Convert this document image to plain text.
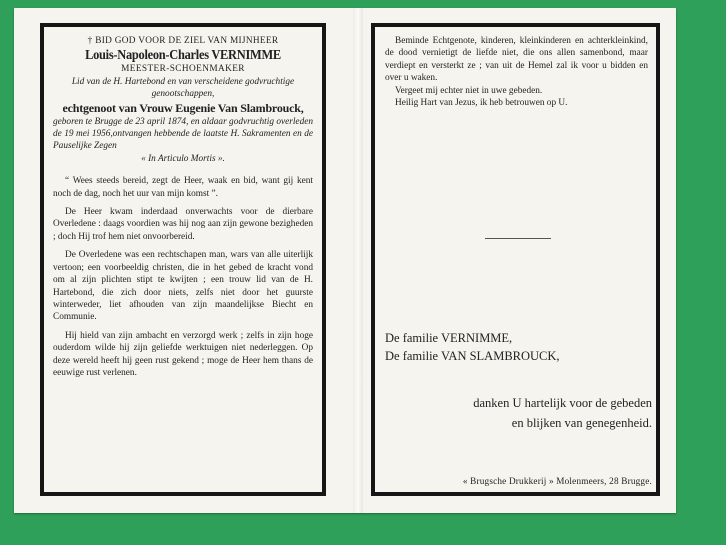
† BID GOD VOOR DE ZIEL VAN MIJNHEER

Louis-Napoleon-Charles VERNIMME

MEESTER-SCHOENMAKER

Lid van de H. Hartebond en van verscheidene godvruchtige genootschappen,

echtgenoot van Vrouw Eugenie Van Slambrouck,

geboren te Brugge de 23 april 1874, en aldaar godvruchtig overleden de 19 mei 1956,ontvangen hebbende de laatste H. Sakramenten en de Pauselijke Zegen

« In Articulo Mortis ».

“ Wees steeds bereid, zegt de Heer, waak en bid, want gij kent noch de dag, noch het uur van mijn komst ”.

De Heer kwam inderdaad onverwachts voor de dierbare Overledene : daags voordien was hij nog aan zijn gewone bezigheden ; doch Hij trof hem niet onvoorbereid.

De Overledene was een rechtschapen man, wars van alle uiterlijk vertoon; een voorbeeldig christen, die in het gebed de kracht vond om al zijn plichten stipt te kwijten ; een trouw lid van de H. Hartebond, die zich door niets, zelfs niet door het guurste winterweder, liet afhouden van zijn maandelijkse Biecht en Communie.

Hij hield van zijn ambacht en verzorgd werk ; zelfs in zijn hoge ouderdom wilde hij zijn geliefde werktuigen niet nederleggen. Op deze wereld heeft hij geen rust gekend ; moge de Heer hem thans de eeuwige rust verlenen.

Beminde Echtgenote, kinderen, kleinkinderen en achterkleinkind, de dood vernietigt de liefde niet, die ons allen samenbond, maar verdiept en versterkt ze ; van uit de Hemel zal ik voor u bidden en over u waken.

Vergeet mij echter niet in uwe gebeden.

Heilig Hart van Jezus, ik heb betrouwen op U.

De familie VERNIMME,
De familie VAN SLAMBROUCK,
danken U hartelijk voor de gebeden
en blijken van genegenheid.
« Brugsche Drukkerij » Molenmeers, 28 Brugge.
